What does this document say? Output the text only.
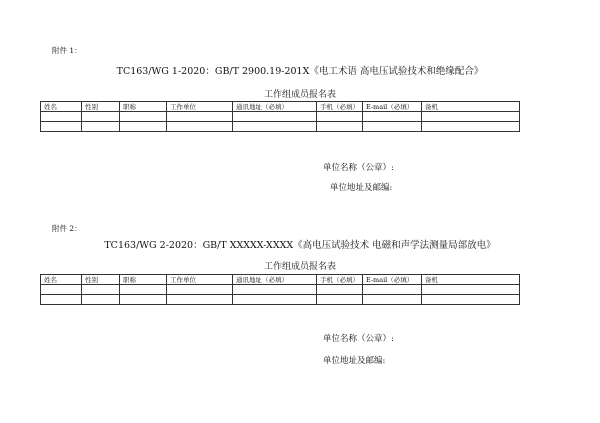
附件 1：
TC163/WG 1-2020：GB/T 2900.19-201X《电工术语 高电压试验技术和绝缘配合》
工作组成员报名表
姓名	性别	职称	工作单位	通讯地址（必填）	手机（必填）	E-mail（必填）	备机

单位名称（公章）:
单位地址及邮编:
附件 2：
TC163/WG 2-2020：GB/T XXXXX-XXXX《高电压试验技术 电磁和声学法测量局部放电》
工作组成员报名表
姓名	性别	职称	工作单位	通讯地址（必填）	手机（必填）	E-mail（必填）	备机

单位名称（公章）:
单位地址及邮编:
